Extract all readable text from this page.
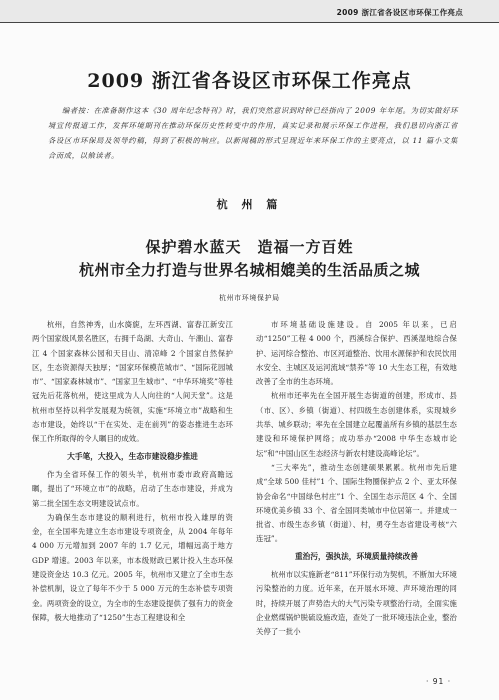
2009 浙江省各设区市环保工作亮点
2009 浙江省各设区市环保工作亮点
编者按：在准备制作这本《30 周年纪念特刊》时，我们突然意识到时钟已经指向了 2009 年年尾。为切实做好环境宣传报道工作，发挥环境期刊在推动环保历史性转变中的作用，真实记录和展示环保工作进程，我们恳切向浙江省各设区市环保局及领导约稿，得到了积极的响应。以新闻稿的形式呈现近年来环保工作的主要亮点，以 11 篇小文集合而成，以飨读者。
杭 州 篇
保护碧水蓝天　造福一方百姓
杭州市全力打造与世界名城相媲美的生活品质之城
杭州市环境保护局

杭州，自然神秀，山水旖旎，左环西湖、富春江新安江两个国家级风景名胜区，右拥千岛湖、大奇山、午潮山、富春江 4 个国家森林公园和天目山、清凉峰 2 个国家自然保护区，生态资源得天独厚；“国家环保模范城市”、“国际花园城市”、“国家森林城市”、“国家卫生城市”、“中华环境奖”等桂冠先后花落杭州，使这里成为人人向往的“人间天堂”。这是杭州市坚持以科学发展观为统领，实施“环境立市”战略和生态市建设，始终以“干在实处、走在前列”的姿态推进生态环保工作所取得的令人瞩目的成效。

大手笔，大投入，生态市建设稳步推进

作为全省环保工作的领头羊，杭州市委市政府高瞻远瞩，提出了“环境立市”的战略，启动了生态市建设，并成为第二批全国生态文明建设试点市。

为确保生态市建设的顺利进行，杭州市投入雄厚的资金，在全国率先建立生态市建设专项资金，从 2004 年每年 4 000 万元增加到 2007 年的 1.7 亿元，增幅远高于地方 GDP 增速。2003 年以来，市本级财政已累计投入生态环保建设资金达 10.3 亿元。2005 年，杭州市又建立了全市生态补偿机制，设立了每年不少于 5 000 万元的生态补偿专项资金。两项资金的设立，为全市的生态建设提供了强有力的资金保障，极大地推动了“1250”生态工程建设和全

市环境基础设施建设。自 2005 年以来，已启动“1250”工程 4 000 个，西溪综合保护、西溪湿地综合保护、运河综合整治、市区河道整治、饮用水源保护和农民饮用水安全、主城区及运河流域“禁养”等 10 大生态工程，有效地改善了全市的生态环境。

杭州市还率先在全国开展生态街道的创建，形成市、县（市、区）、乡镇（街道）、村四级生态创建体系，实现城乡共举、城乡联动；率先在全国建立起覆盖所有乡镇的基层生态建设和环境保护网络；成功举办“2008 中华生态城市论坛”和“中国山区生态经济与新农村建设高峰论坛”。

“三大率先”，推动生态创建硕果累累。杭州市先后建成“全球 500 佳村”1 个、国际生物圈保护点 2 个、亚太环保协会命名“中国绿色村庄”1 个、全国生态示范区 4 个、全国环境优美乡镇 33 个、省全国同类城市中位居第一。并建成一批省、市级生态乡镇（街道）、村，勇夺生态省建设考核“六连冠”。

重治污，强执法，环境质量持续改善

杭州市以实施新老“811”环保行动为契机，不断加大环境污染整治的力度。近年来，在开展水环境、声环境治理的同时，持续开展了声势浩大的大气污染专项整治行动，全面实施企业燃煤锅炉脱硫设施改造，查处了一批环境违法企业，整治关停了一批小

· 91 ·
